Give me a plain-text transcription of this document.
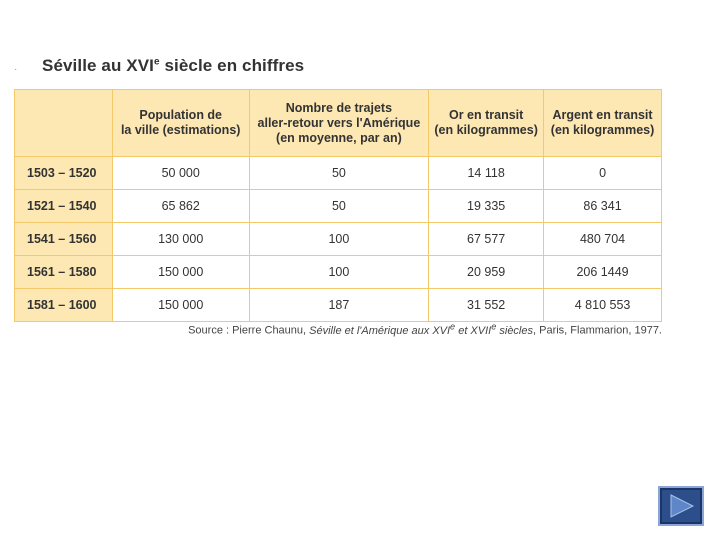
·	Séville au XVIe siècle en chiffres
	Population de
la ville (estimations)	Nombre de trajets
aller-retour vers l'Amérique
(en moyenne, par an)	Or en transit
(en kilogrammes)	Argent en transit
(en kilogrammes)
1503 – 1520	50 000	50	14 118	0
1521 – 1540	65 862	50	19 335	86 341
1541 – 1560	130 000	100	67 577	480 704
1561 – 1580	150 000	100	20 959	206 1449
1581 – 1600	150 000	187	31 552	4 810 553
Source : Pierre Chaunu, Séville et l'Amérique aux XVIe et XVIIe siècles, Paris, Flammarion, 1977.
